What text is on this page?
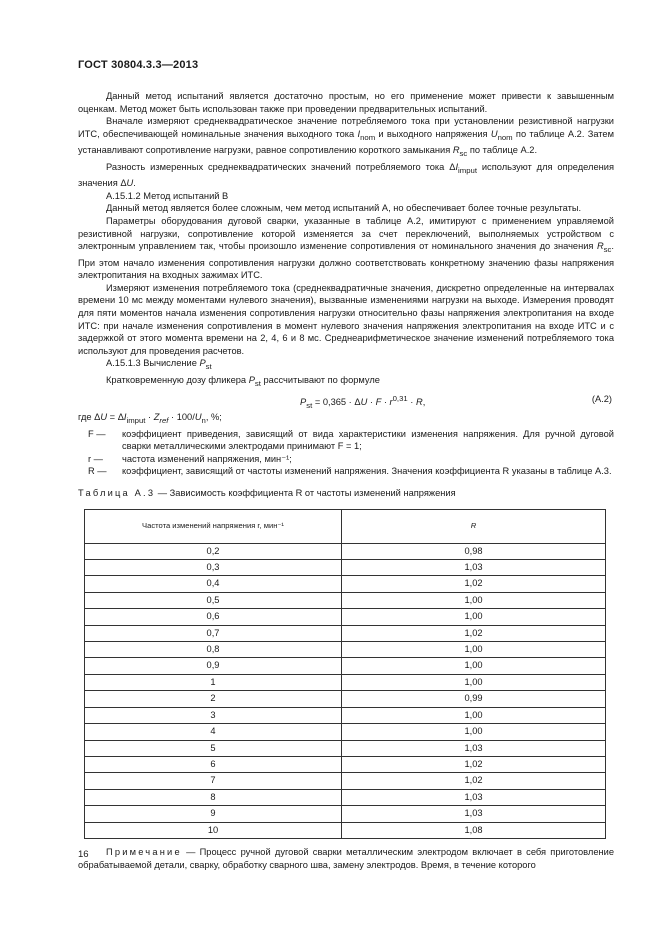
ГОСТ 30804.3.3—2013

Данный метод испытаний является достаточно простым, но его применение может привести к завышенным оценкам. Метод может быть использован также при проведении предварительных испытаний.

Вначале измеряют среднеквадратическое значение потребляемого тока при установлении резистивной нагрузки ИТС, обеспечивающей номинальные значения выходного тока $I_{nom}$ и выходного напряжения $U_{nom}$ по таблице А.2. Затем устанавливают сопротивление нагрузки, равное сопротивлению короткого замыкания $R_{sc}$ по таблице А.2.

Разность измеренных среднеквадратических значений потребляемого тока $\Delta I_{imput}$ используют для определения значения ΔU.

А.15.1.2 Метод испытаний В

Данный метод является более сложным, чем метод испытаний А, но обеспечивает более точные результаты.

Параметры оборудования дуговой сварки, указанные в таблице А.2, имитируют с применением управляемой резистивной нагрузки, сопротивление которой изменяется за счет переключений, выполняемых устройством с электронным управлением так, чтобы произошло изменение сопротивления от номинального значения до значения $R_{sc}$. При этом начало изменения сопротивления нагрузки должно соответствовать конкретному значению фазы напряжения электропитания на входных зажимах ИТС.

Измеряют изменения потребляемого тока (среднеквадратичные значения, дискретно определенные на интервалах времени 10 мс между моментами нулевого значения), вызванные изменениями нагрузки на выходе. Измерения проводят для пяти моментов начала изменения сопротивления нагрузки относительно фазы напряжения электропитания на входе ИТС: при начале изменения сопротивления в момент нулевого значения напряжения электропитания на входе ИТС и с задержкой от этого момента времени на 2, 4, 6 и 8 мс. Среднеарифметическое значение изменений потребляемого тока используют для проведения расчетов.

А.15.1.3 Вычисление $P_{st}$

Кратковременную дозу фликера $P_{st}$ рассчитывают по формуле

$P_{st} = 0,365 \cdot \Delta U \cdot F \cdot r^{0,31} \cdot R$,	(А.2)

где $\Delta U = \Delta I_{imput} \cdot Z_{ref} \cdot 100/U_n$, %;

F —	коэффициент приведения, зависящий от вида характеристики изменения напряжения. Для ручной дуговой сварки металлическими электродами принимают F = 1;
r —	частота изменений напряжения, мин⁻¹;
R —	коэффициент, зависящий от частоты изменений напряжения. Значения коэффициента R указаны в таблице А.3.

Таблица А.3 — Зависимость коэффициента R от частоты изменений напряжения

Частота изменений напряжения r, мин⁻¹	R
0,2	0,98
0,3	1,03
0,4	1,02
0,5	1,00
0,6	1,00
0,7	1,02
0,8	1,00
0,9	1,00
1	1,00
2	0,99
3	1,00
4	1,00
5	1,03
6	1,02
7	1,02
8	1,03
9	1,03
10	1,08

Примечание — Процесс ручной дуговой сварки металлическим электродом включает в себя приготовление обрабатываемой детали, сварку, обработку сварного шва, замену электродов. Время, в течение которого

16
